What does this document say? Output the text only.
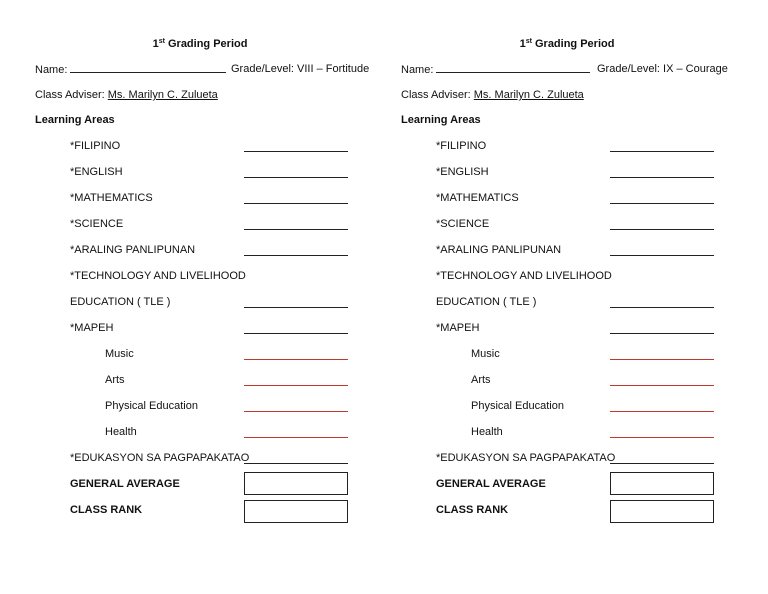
1st Grading Period
Name:	Grade/Level: VIII – Fortitude
Class Adviser: Ms. Marilyn C. Zulueta
Learning Areas
*FILIPINO
*ENGLISH
*MATHEMATICS
*SCIENCE
*ARALING PANLIPUNAN
*TECHNOLOGY AND LIVELIHOOD
EDUCATION ( TLE )
*MAPEH
Music
Arts
Physical Education
Health
*EDUKASYON SA PAGPAPAKATAO
GENERAL AVERAGE
CLASS RANK
1st Grading Period
Name:	Grade/Level: IX – Courage
Class Adviser: Ms. Marilyn C. Zulueta
Learning Areas
*FILIPINO
*ENGLISH
*MATHEMATICS
*SCIENCE
*ARALING PANLIPUNAN
*TECHNOLOGY AND LIVELIHOOD
EDUCATION ( TLE )
*MAPEH
Music
Arts
Physical Education
Health
*EDUKASYON SA PAGPAPAKATAO
GENERAL AVERAGE
CLASS RANK
